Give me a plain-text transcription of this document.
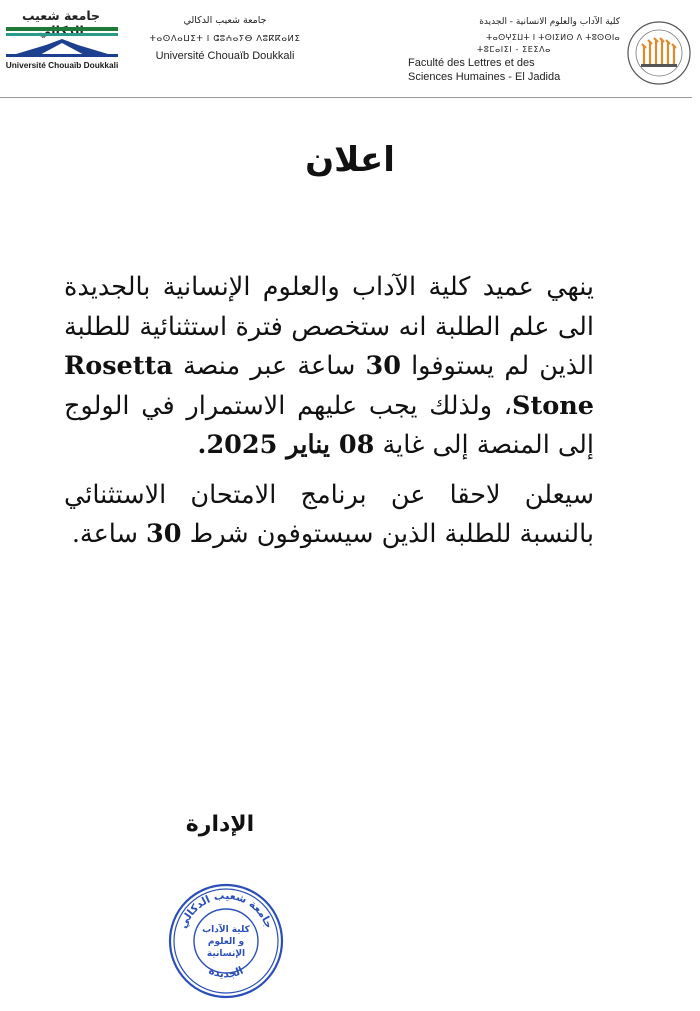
جامعة شعيب
Université Chouaïb Doukkali
جامعة شعيب الدكالي
ⵜⴰⵙⴷⴰⵡⵉⵜ ⵏ ⵛⵓⵄⴰⵢⴱ ⴷⵓⴽⴽⴰⵍⵉ
Université Chouaïb Doukkali
كلية الآداب والعلوم الانسانية - الجديدة
ⵜⴰⵙⵖⵉⵡⵜ ⵏ ⵜⵙⵏⵉⵍⵙ ⴷ ⵜⵓⵙⵙⵏⴰ
ⵜⵓⵎⴰⵏⵉⵏ - ⵉⴹⵉⴷⴰ
Faculté des Lettres et des
Sciences Humaines - El Jadida
اعلان

ينهي عميد كلية الآداب والعلوم الإنسانية بالجديدة الى علم الطلبة انه ستخصص فترة استثنائية للطلبة الذين لم يستوفوا 30 ساعة عبر منصة Rosetta Stone، ولذلك يجب عليهم الاستمرار في الولوج إلى المنصة إلى غاية 08 يناير 2025.

سيعلن لاحقا عن برنامج الامتحان الاستثنائي بالنسبة للطلبة الذين سيستوفون شرط 30 ساعة.

الإدارة
جامعة شعيب الدكالي
الجديدة
كلية الآداب
و العلوم
الإنسانية
